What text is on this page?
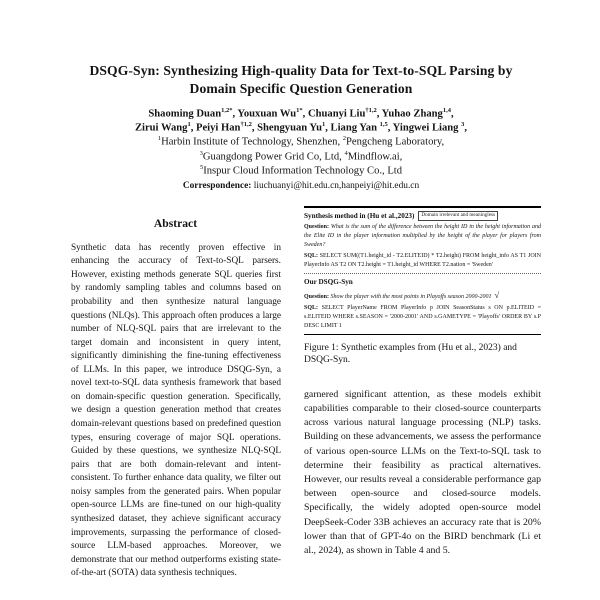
DSQG-Syn: Synthesizing High-quality Data for Text-to-SQL Parsing by
Domain Specific Question Generation
Shaoming Duan$^{1,2*}$, Youxuan $Wu^{1*}$, Chuanyi Liu$^{\dagger 1,2}$, Yuhao Zhang$^{1,4}$,
Zirui Wang$^1$, Peiyi Han$^{\dagger 1,2}$, Shengyuan Yu$^1$, Liang Yan $^{1,5}$, Yingwei Liang $^3$,
$^1$Harbin Institute of Technology, Shenzhen, $^2$Pengcheng Laboratory,
$^3$Guangdong Power Grid Co, Ltd, $^4$Mindflow.ai,
$^5$Inspur Cloud Information Technology Co., Ltd
Correspondence: liuchuanyi@hit.edu.cn,hanpeiyi@hit.edu.cn
Abstract
Synthetic data has recently proven effective in enhancing the accuracy of Text-to-SQL parsers. However, existing methods generate SQL queries first by randomly sampling tables and columns based on probability and then synthesize natural language questions (NLQs). This approach often produces a large number of NLQ-SQL pairs that are irrelevant to the target domain and inconsistent in query intent, significantly diminishing the fine-tuning effectiveness of LLMs. In this paper, we introduce DSQG-Syn, a novel text-to-SQL data synthesis framework that based on domain-specific question generation. Specifically, we design a question generation method that creates domain-relevant questions based on predefined question types, ensuring coverage of major SQL operations. Guided by these questions, we synthesize NLQ-SQL pairs that are both domain-relevant and intent-consistent. To further enhance data quality, we filter out noisy samples from the generated pairs. When popular open-source LLMs are fine-tuned on our high-quality synthesized dataset, they achieve significant accuracy improvements, surpassing the performance of closed-source LLM-based approaches. Moreover, we demonstrate that our method outperforms existing state-of-the-art (SOTA) data synthesis techniques.
Synthesis method in (Hu et al.,2023)	Domain irrelevant and meaningless
Question: What is the sum of the difference between the height ID in the height information and the Elite ID in the player information multiplied by the height of the player for players from Sweden?
SQL: SELECT SUM((T1.height_id - T2.ELITEID) * T2.height) FROM height_info AS T1 JOIN PlayerInfo AS T2 ON T2.height = T1.height_id WHERE T2.nation = 'Sweden'
Our DSQG-Syn
Question: Show the player with the most points in Playoffs season 2000-2001 √
SQL: SELECT PlayerName FROM PlayerInfo p JOIN SeasonStatus s ON p.ELITEID = s.ELITEID WHERE s.SEASON = '2000-2001' AND s.GAMETYPE = 'Playoffs' ORDER BY s.P DESC LIMIT 1
Figure 1: Synthetic examples from (Hu et al., 2023) and DSQG-Syn.
garnered significant attention, as these models exhibit capabilities comparable to their closed-source counterparts across various natural language processing (NLP) tasks. Building on these advancements, we assess the performance of various open-source LLMs on the Text-to-SQL task to determine their feasibility as practical alternatives. However, our results reveal a considerable performance gap between open-source and closed-source models. Specifically, the widely adopted open-source model DeepSeek-Coder 33B achieves an accuracy rate that is 20% lower than that of GPT-4o on the BIRD benchmark (Li et al., 2024), as shown in Table 4 and 5.
